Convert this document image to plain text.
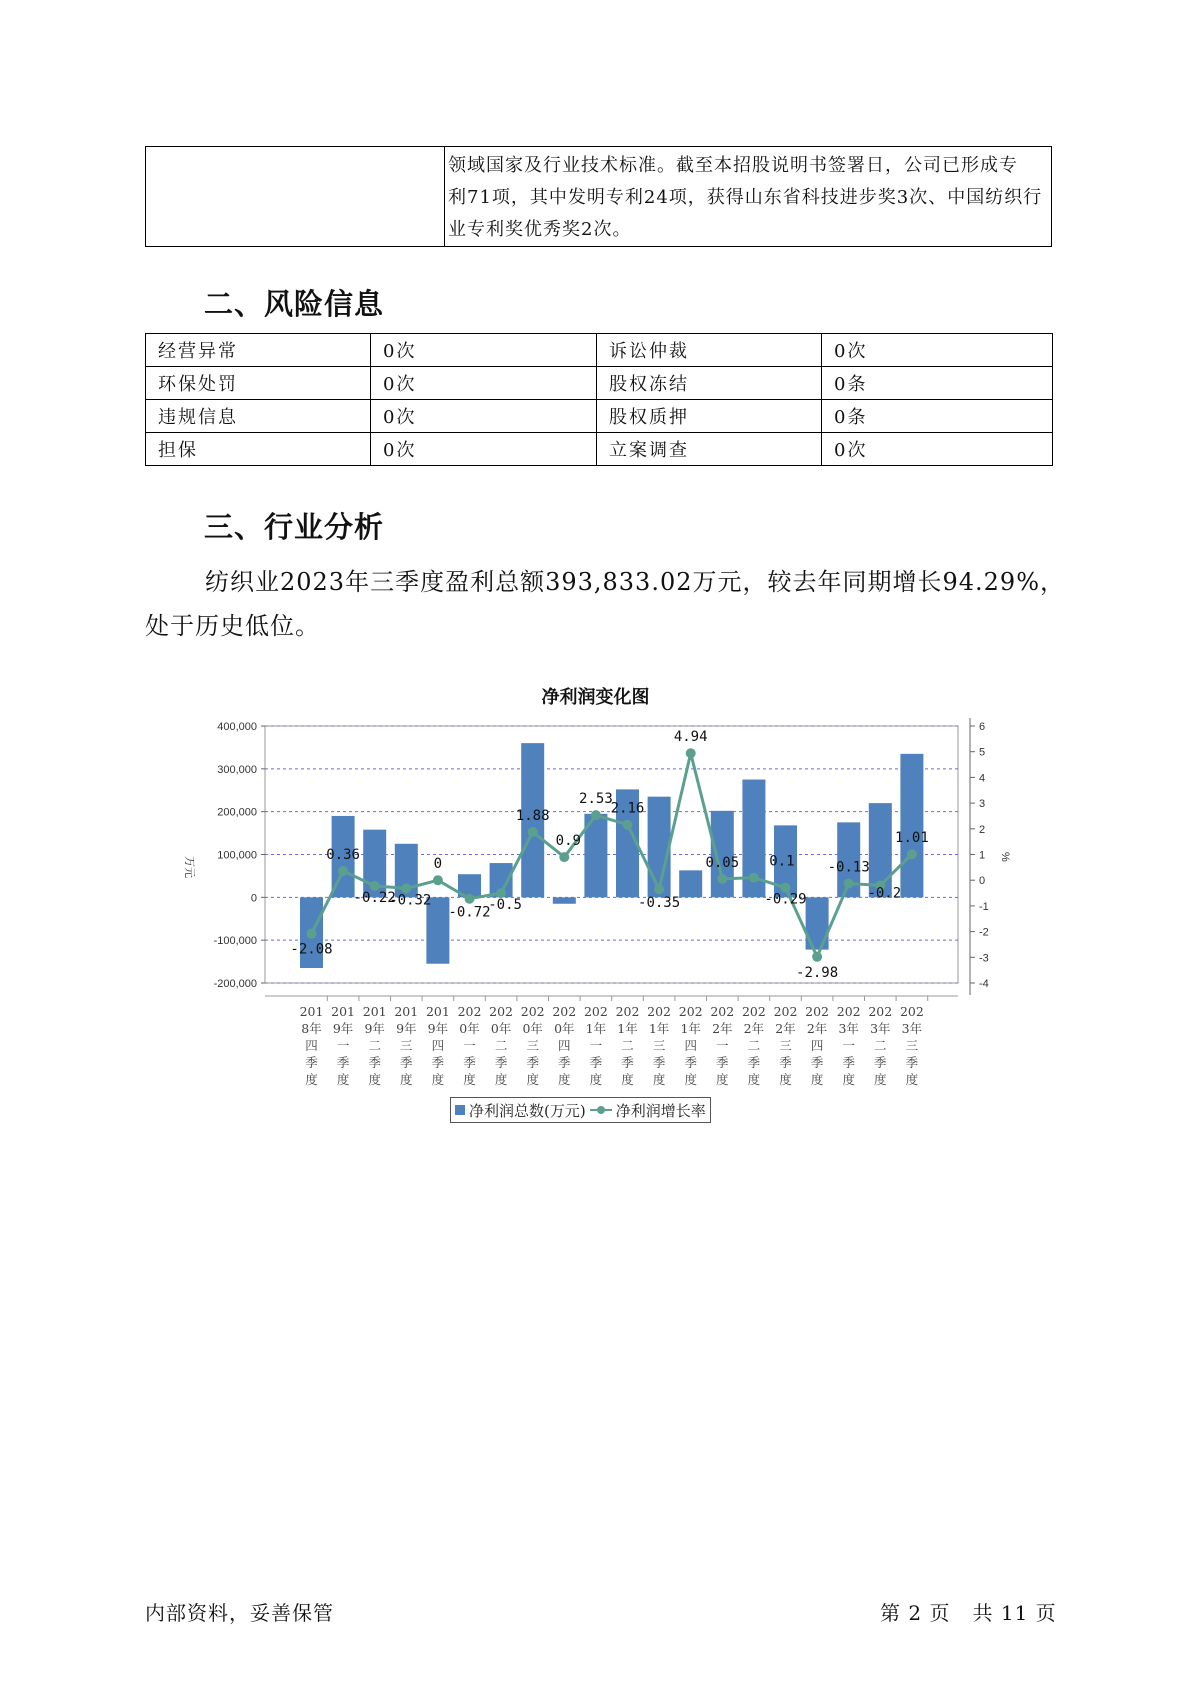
领域国家及行业技术标准。截至本招股说明书签署日，公司已形成专
利71项，其中发明专利24项，获得山东省科技进步奖3次、中国纺织行
业专利奖优秀奖2次。
二、风险信息
经营异常	0次	诉讼仲裁	0次
环保处罚	0次	股权冻结	0条
违规信息	0次	股权质押	0条
担保	0次	立案调查	0次
三、行业分析

纺织业2023年三季度盈利总额393,833.02万元，较去年同期增长94.29%，处于历史低位。

净利润变化图
400,000
300,000
200,000
100,000
0
-100,000
-200,000
6
5
4
3
2
1
0
-1
-2
-3
-4
万元	%
201
8年
四
季
度
201
9年
一
季
度
201
9年
二
季
度
201
9年
三
季
度
201
9年
四
季
度
202
0年
一
季
度
202
0年
二
季
度
202
0年
三
季
度
202
0年
四
季
度
202
1年
一
季
度
202
1年
二
季
度
202
1年
三
季
度
202
1年
四
季
度
202
2年
一
季
度
202
2年
二
季
度
202
2年
三
季
度
202
2年
四
季
度
202
3年
一
季
度
202
3年
二
季
度
202
3年
三
季
度
-2.08
0.36
-0.22
-0.32
0
-0.72
-0.5
1.88
0.9
2.53
2.16
-0.35
4.94
0.05 0.1
-0.29
-2.98
-0.13
-0.2
1.01
净利润总数(万元) 净利润增长率
内部资料，妥善保管	第 2 页   共 11 页
